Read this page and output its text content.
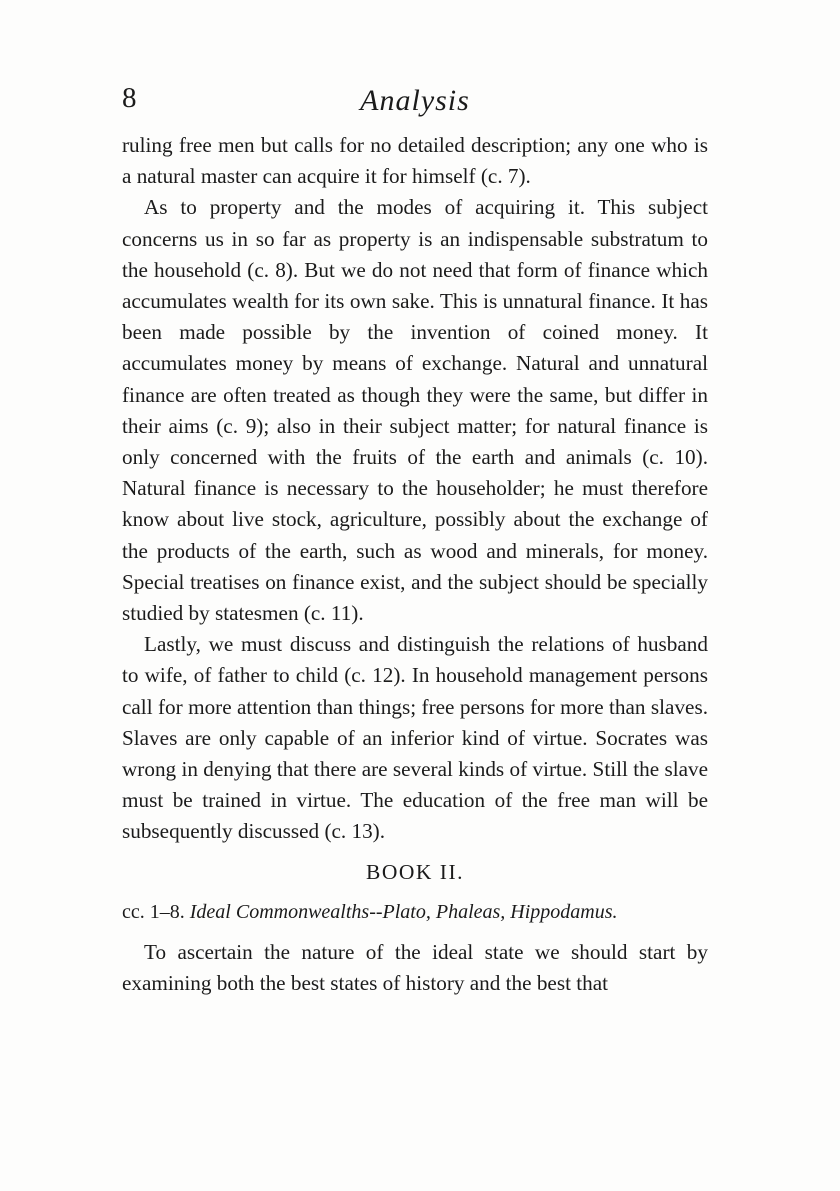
8	Analysis

ruling free men but calls for no detailed description; any one who is a natural master can acquire it for himself (c. 7).

As to property and the modes of acquiring it. This subject concerns us in so far as property is an indispensable substratum to the household (c. 8). But we do not need that form of finance which accumulates wealth for its own sake. This is unnatural finance. It has been made possible by the invention of coined money. It accumulates money by means of exchange. Natural and unnatural finance are often treated as though they were the same, but differ in their aims (c. 9); also in their subject matter; for natural finance is only concerned with the fruits of the earth and animals (c. 10). Natural finance is necessary to the householder; he must therefore know about live stock, agriculture, possibly about the exchange of the products of the earth, such as wood and minerals, for money. Special treatises on finance exist, and the subject should be specially studied by statesmen (c. 11).

Lastly, we must discuss and distinguish the relations of husband to wife, of father to child (c. 12). In household management persons call for more attention than things; free persons for more than slaves. Slaves are only capable of an inferior kind of virtue. Socrates was wrong in denying that there are several kinds of virtue. Still the slave must be trained in virtue. The education of the free man will be subsequently discussed (c. 13).

BOOK II.
cc. 1–8. Ideal Commonwealths--Plato, Phaleas, Hippodamus.

To ascertain the nature of the ideal state we should start by examining both the best states of history and the best that
